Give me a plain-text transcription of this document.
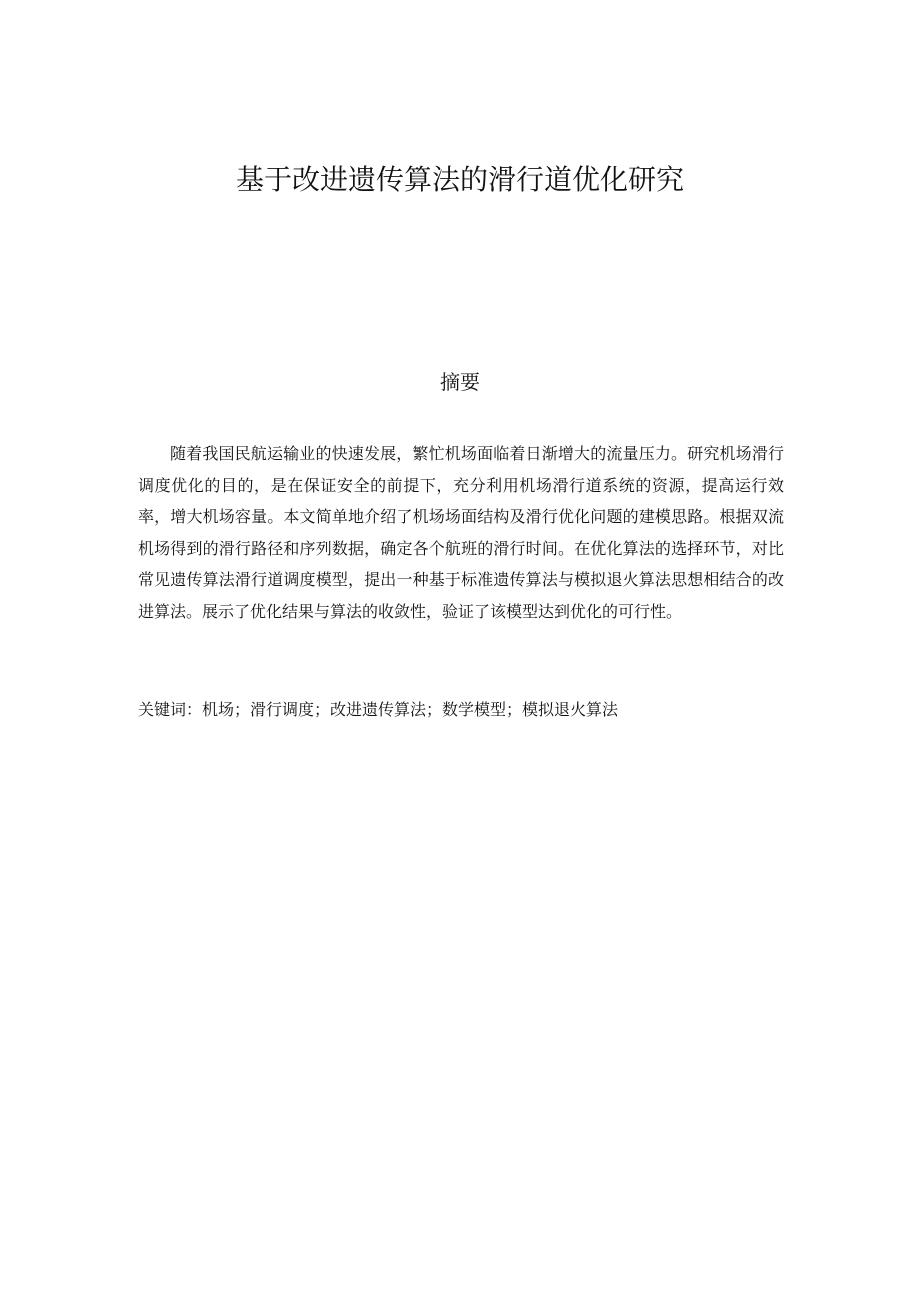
基于改进遗传算法的滑行道优化研究
摘要

随着我国民航运输业的快速发展，繁忙机场面临着日渐增大的流量压力。研究机场滑行调度优化的目的，是在保证安全的前提下，充分利用机场滑行道系统的资源，提高运行效率，增大机场容量。本文简单地介绍了机场场面结构及滑行优化问题的建模思路。根据双流机场得到的滑行路径和序列数据，确定各个航班的滑行时间。在优化算法的选择环节，对比常见遗传算法滑行道调度模型，提出一种基于标准遗传算法与模拟退火算法思想相结合的改进算法。展示了优化结果与算法的收敛性，验证了该模型达到优化的可行性。

关键词：机场；滑行调度；改进遗传算法；数学模型；模拟退火算法
